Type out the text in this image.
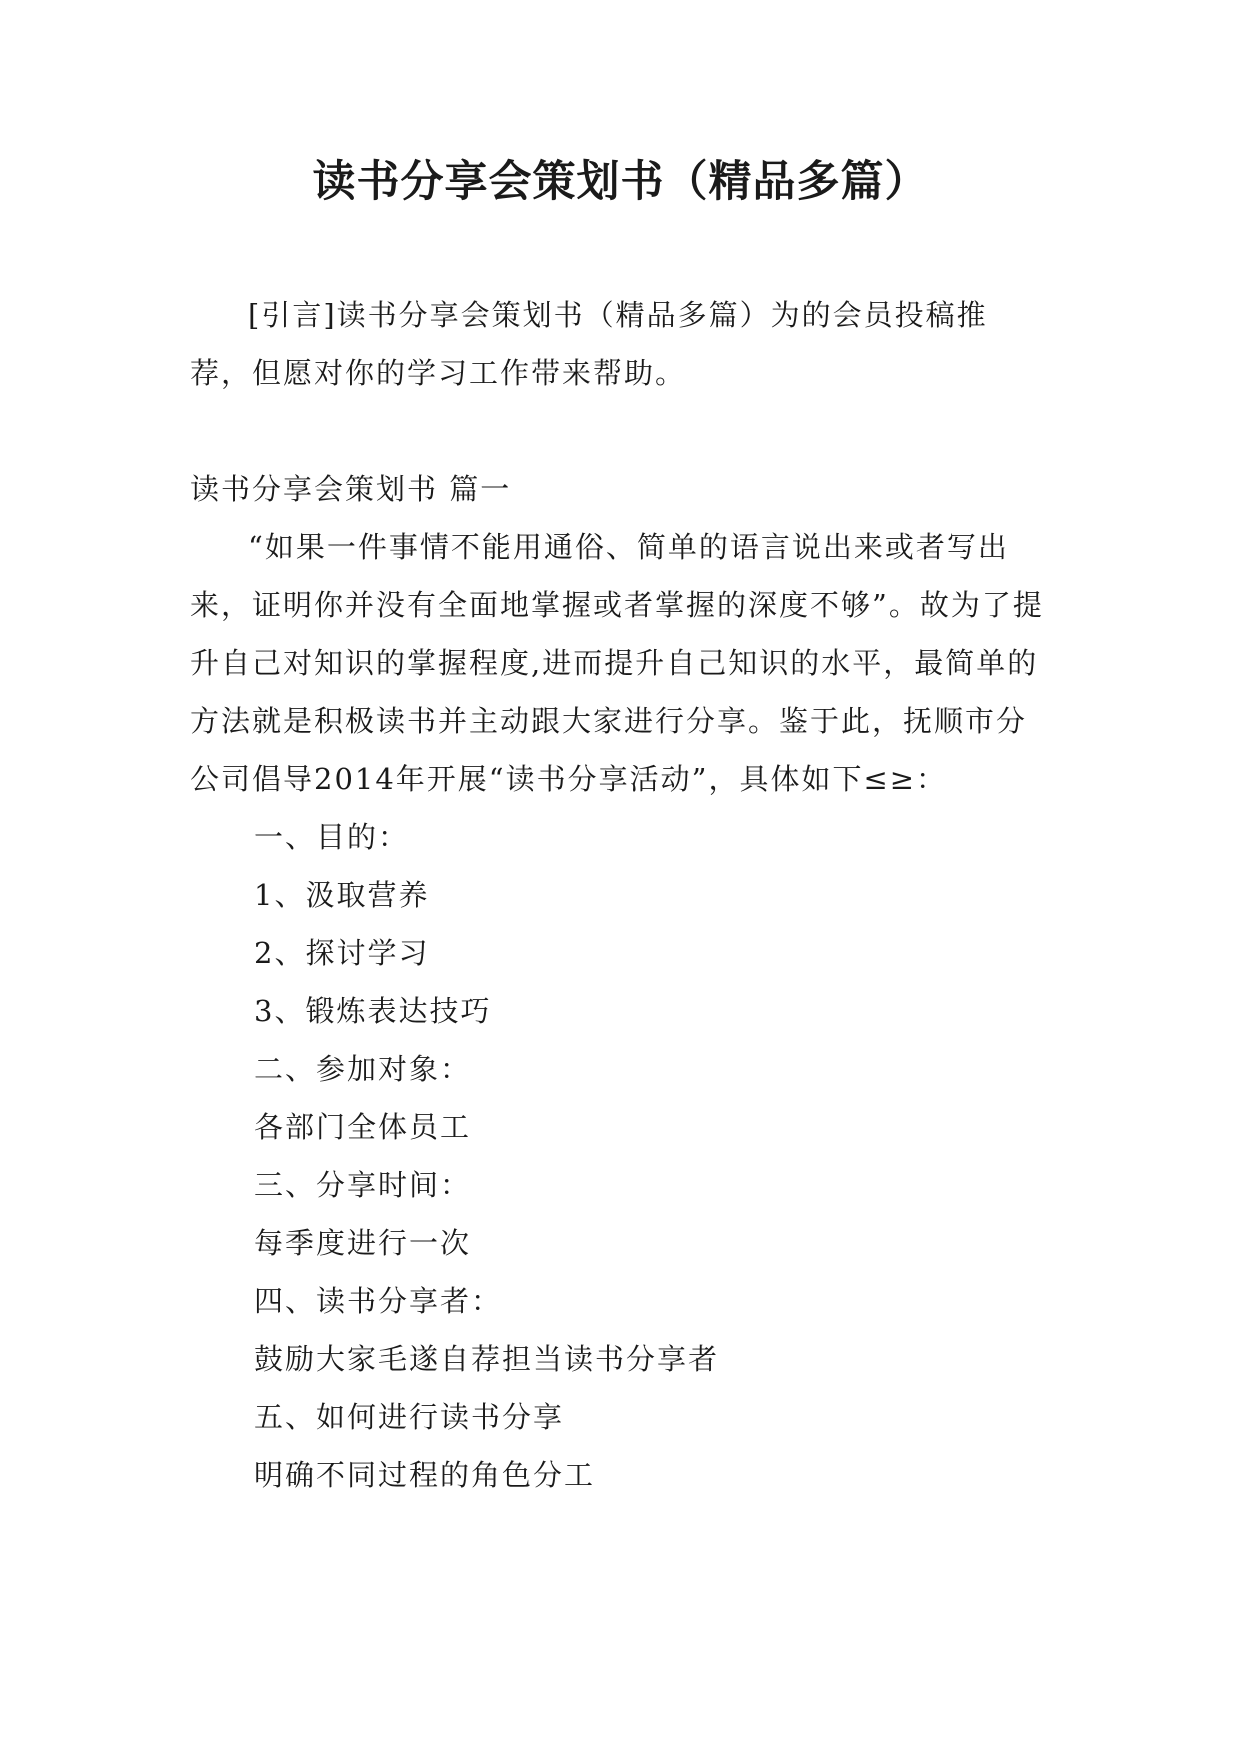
读书分享会策划书（精品多篇）

[引言]读书分享会策划书（精品多篇）为的会员投稿推荐，但愿对你的学习工作带来帮助。

读书分享会策划书 篇一

“如果一件事情不能用通俗、简单的语言说出来或者写出来，证明你并没有全面地掌握或者掌握的深度不够”。故为了提升自己对知识的掌握程度,进而提升自己知识的水平，最简单的方法就是积极读书并主动跟大家进行分享。鉴于此，抚顺市分公司倡导2014年开展“读书分享活动”，具体如下≤≥：

一、目的：

1、汲取营养

2、探讨学习

3、锻炼表达技巧

二、参加对象：

各部门全体员工

三、分享时间：

每季度进行一次

四、读书分享者：

鼓励大家毛遂自荐担当读书分享者

五、如何进行读书分享

明确不同过程的角色分工
